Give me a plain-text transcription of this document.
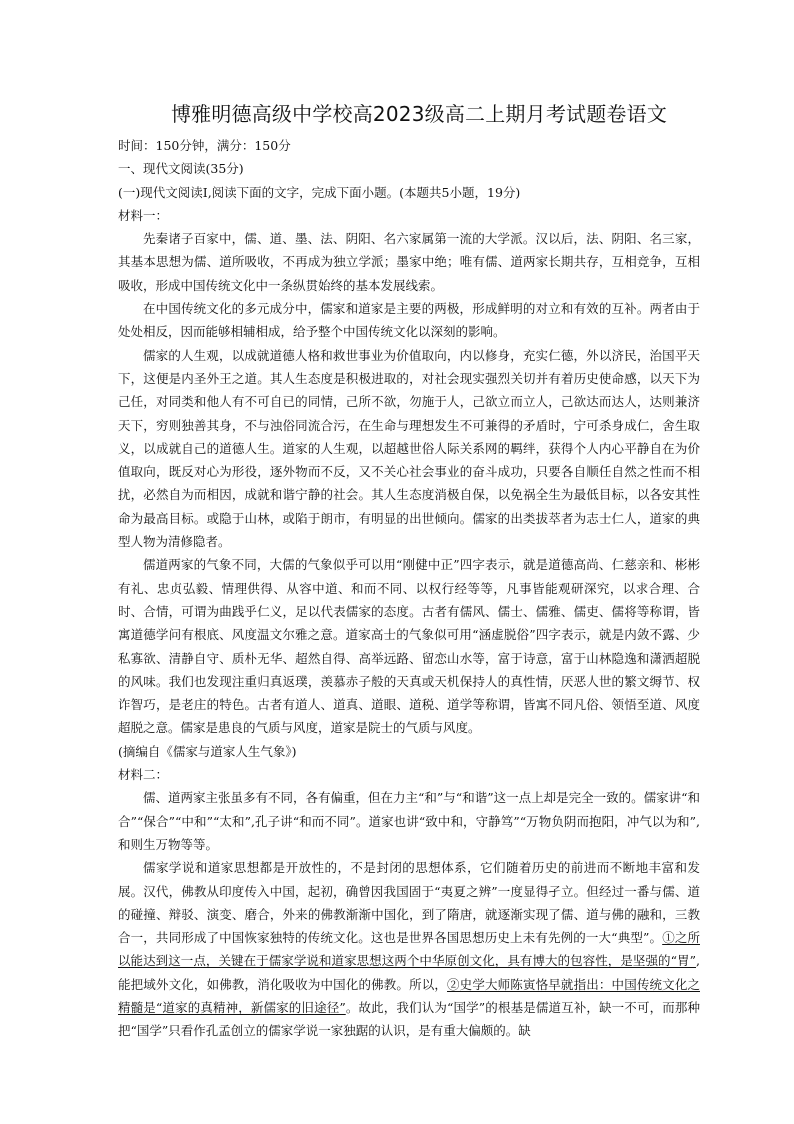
博雅明德高级中学校高2023级高二上期月考试题卷语文

时间：150分钟，满分：150分

一、现代文阅读(35分)

(一)现代文阅读Ⅰ,阅读下面的文字，完成下面小题。(本题共5小题，19分)

材料一：

先秦诸子百家中，儒、道、墨、法、阴阳、名六家属第一流的大学派。汉以后，法、阴阳、名三家，其基本思想为儒、道所吸收，不再成为独立学派；墨家中绝；唯有儒、道两家长期共存，互相竞争，互相吸收，形成中国传统文化中一条纵贯始终的基本发展线索。

在中国传统文化的多元成分中，儒家和道家是主要的两极，形成鲜明的对立和有效的互补。两者由于处处相反，因而能够相辅相成，给予整个中国传统文化以深刻的影响。

儒家的人生观，以成就道德人格和救世事业为价值取向，内以修身，充实仁德，外以济民，治国平天下，这便是内圣外王之道。其人生态度是积极进取的，对社会现实强烈关切并有着历史使命感，以天下为己任，对同类和他人有不可自已的同情，己所不欲，勿施于人，己欲立而立人，己欲达而达人，达则兼济天下，穷则独善其身，不与浊俗同流合污，在生命与理想发生不可兼得的矛盾时，宁可杀身成仁，舍生取义，以成就自己的道德人生。道家的人生观，以超越世俗人际关系网的羁绊，获得个人内心平静自在为价值取向，既反对心为形役，逐外物而不反，又不关心社会事业的奋斗成功，只要各自顺任自然之性而不相扰，必然自为而相因，成就和谐宁静的社会。其人生态度消极自保，以免祸全生为最低目标，以各安其性命为最高目标。或隐于山林，或陷于朗市，有明显的出世倾向。儒家的出类拔萃者为志士仁人，道家的典型人物为清修隐者。

儒道两家的气象不同，大儒的气象似乎可以用“刚健中正”四字表示，就是道德高尚、仁慈亲和、彬彬有礼、忠贞弘毅、情理供得、从容中道、和而不同、以权行经等等，凡事皆能观研深究，以求合理、合时、合情，可谓为曲践乎仁义，足以代表儒家的态度。古者有儒风、儒士、儒雅、儒吏、儒将等称谓，皆寓道德学问有根底、风度温文尔雅之意。道家高士的气象似可用“涵虚脱俗”四字表示，就是内敛不露、少私寡欲、清静自守、质朴无华、超然自得、高举远路、留恋山水等，富于诗意，富于山林隐逸和潇洒超脱的风味。我们也发现注重归真返璞，羡慕赤子般的天真或天机保持人的真性情，厌恶人世的繁文缛节、权诈智巧，是老庄的特色。古者有道人、道真、道眼、道税、道学等称谓，皆寓不同凡俗、领悟至道、风度超脱之意。儒家是患良的气质与风度，道家是院士的气质与风度。

(摘编自《儒家与道家人生气象》)

材料二：

儒、道两家主张虽多有不同，各有偏重，但在力主“和”与“和谐”这一点上却是完全一致的。儒家讲“和合”“保合”“中和”“太和”,孔子讲“和而不同”。道家也讲“致中和，守静笃”“万物负阴而抱阳，冲气以为和”,和则生万物等等。

儒家学说和道家思想都是开放性的，不是封闭的思想体系，它们随着历史的前进而不断地丰富和发展。汉代，佛教从印度传入中国，起初，确曾因我国固于“夷夏之辨”一度显得孑立。但经过一番与儒、道的碰撞、辩驳、演变、磨合，外来的佛教渐渐中国化，到了隋唐，就逐渐实现了儒、道与佛的融和，三教合一，共同形成了中国恢家独特的传统文化。这也是世界各国思想历史上未有先例的一大“典型”。①之所以能达到这一点，关键在于儒家学说和道家思想这两个中华原创文化，具有博大的包容性，是坚强的“胃”,能把域外文化，如佛教，消化吸收为中国化的佛教。所以，②史学大师陈寅恪早就指出：中国传统文化之精髓是“道家的真精神，新儒家的旧途径”。故此，我们认为“国学”的根基是儒道互补，缺一不可，而那种把“国学”只看作孔孟创立的儒家学说一家独踞的认识，是有重大偏颇的。缺
